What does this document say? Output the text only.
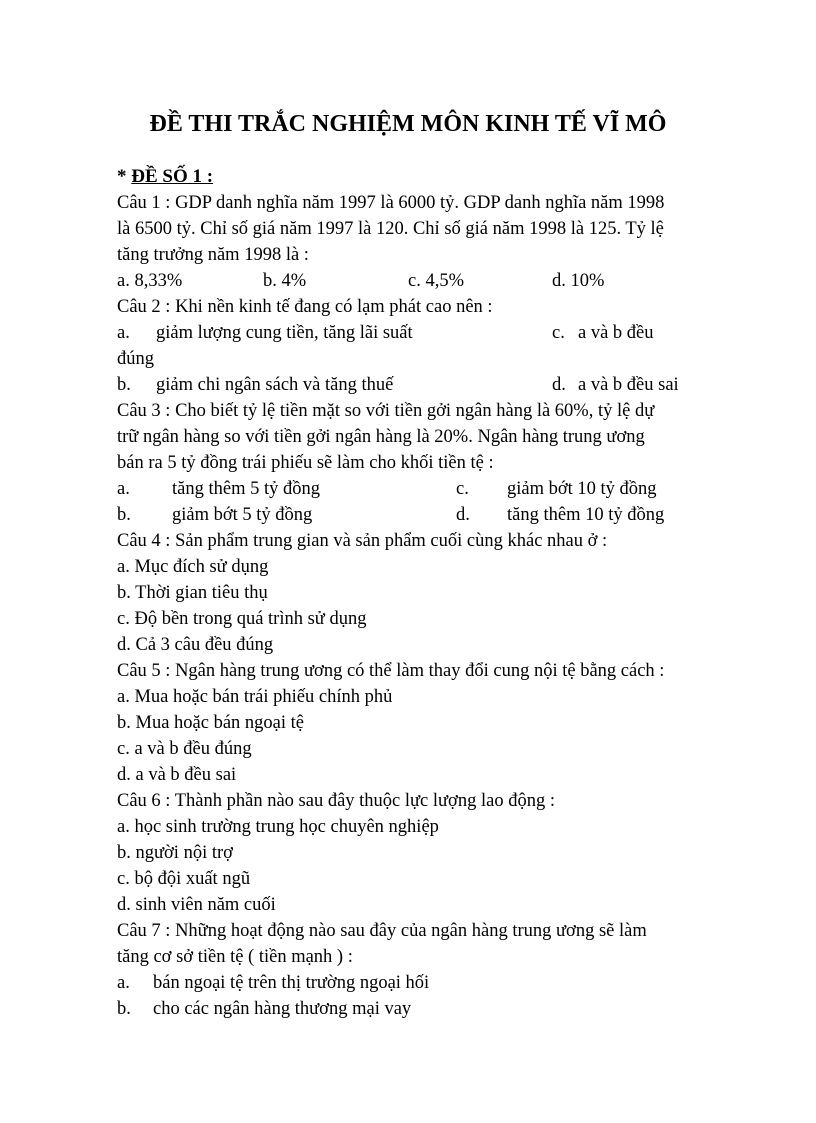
ĐỀ THI TRẮC NGHIỆM MÔN KINH TẾ VĨ MÔ
* ĐỀ SỐ 1 :
Câu 1 : GDP danh nghĩa năm 1997 là 6000 tỷ. GDP danh nghĩa năm 1998
là 6500 tỷ. Chỉ số giá năm 1997 là 120. Chỉ số giá năm 1998 là 125. Tỷ lệ
tăng trưởng năm 1998 là :
a. 8,33%	b. 4%	c. 4,5%	d. 10%
Câu 2 : Khi nền kinh tế đang có lạm phát cao nên :
a. giảm lượng cung tiền, tăng lãi suất	c. a và b đều
đúng
b. giảm chi ngân sách và tăng thuế	d. a và b đều sai
Câu 3 : Cho biết tỷ lệ tiền mặt so với tiền gởi ngân hàng là 60%, tỷ lệ dự
trữ ngân hàng so với tiền gởi ngân hàng là 20%. Ngân hàng trung ương
bán ra 5 tỷ đồng trái phiếu sẽ làm cho khối tiền tệ :
a. tăng thêm 5 tỷ đồng	c. giảm bớt 10 tỷ đồng
b. giảm bớt 5 tỷ đồng	d. tăng thêm 10 tỷ đồng
Câu 4 : Sản phẩm trung gian và sản phẩm cuối cùng khác nhau ở :
a. Mục đích sử dụng
b. Thời gian tiêu thụ
c. Độ bền trong quá trình sử dụng
d. Cả 3 câu đều đúng
Câu 5 : Ngân hàng trung ương có thể làm thay đổi cung nội tệ bằng cách :
a. Mua hoặc bán trái phiếu chính phủ
b. Mua hoặc bán ngoại tệ
c. a và b đều đúng
d. a và b đều sai
Câu 6 : Thành phần nào sau đây thuộc lực lượng lao động :
a. học sinh trường trung học chuyên nghiệp
b. người nội trợ
c. bộ đội xuất ngũ
d. sinh viên năm cuối
Câu 7 : Những hoạt động nào sau đây của ngân hàng trung ương sẽ làm
tăng cơ sở tiền tệ ( tiền mạnh ) :
a. bán ngoại tệ trên thị trường ngoại hối
b. cho các ngân hàng thương mại vay
